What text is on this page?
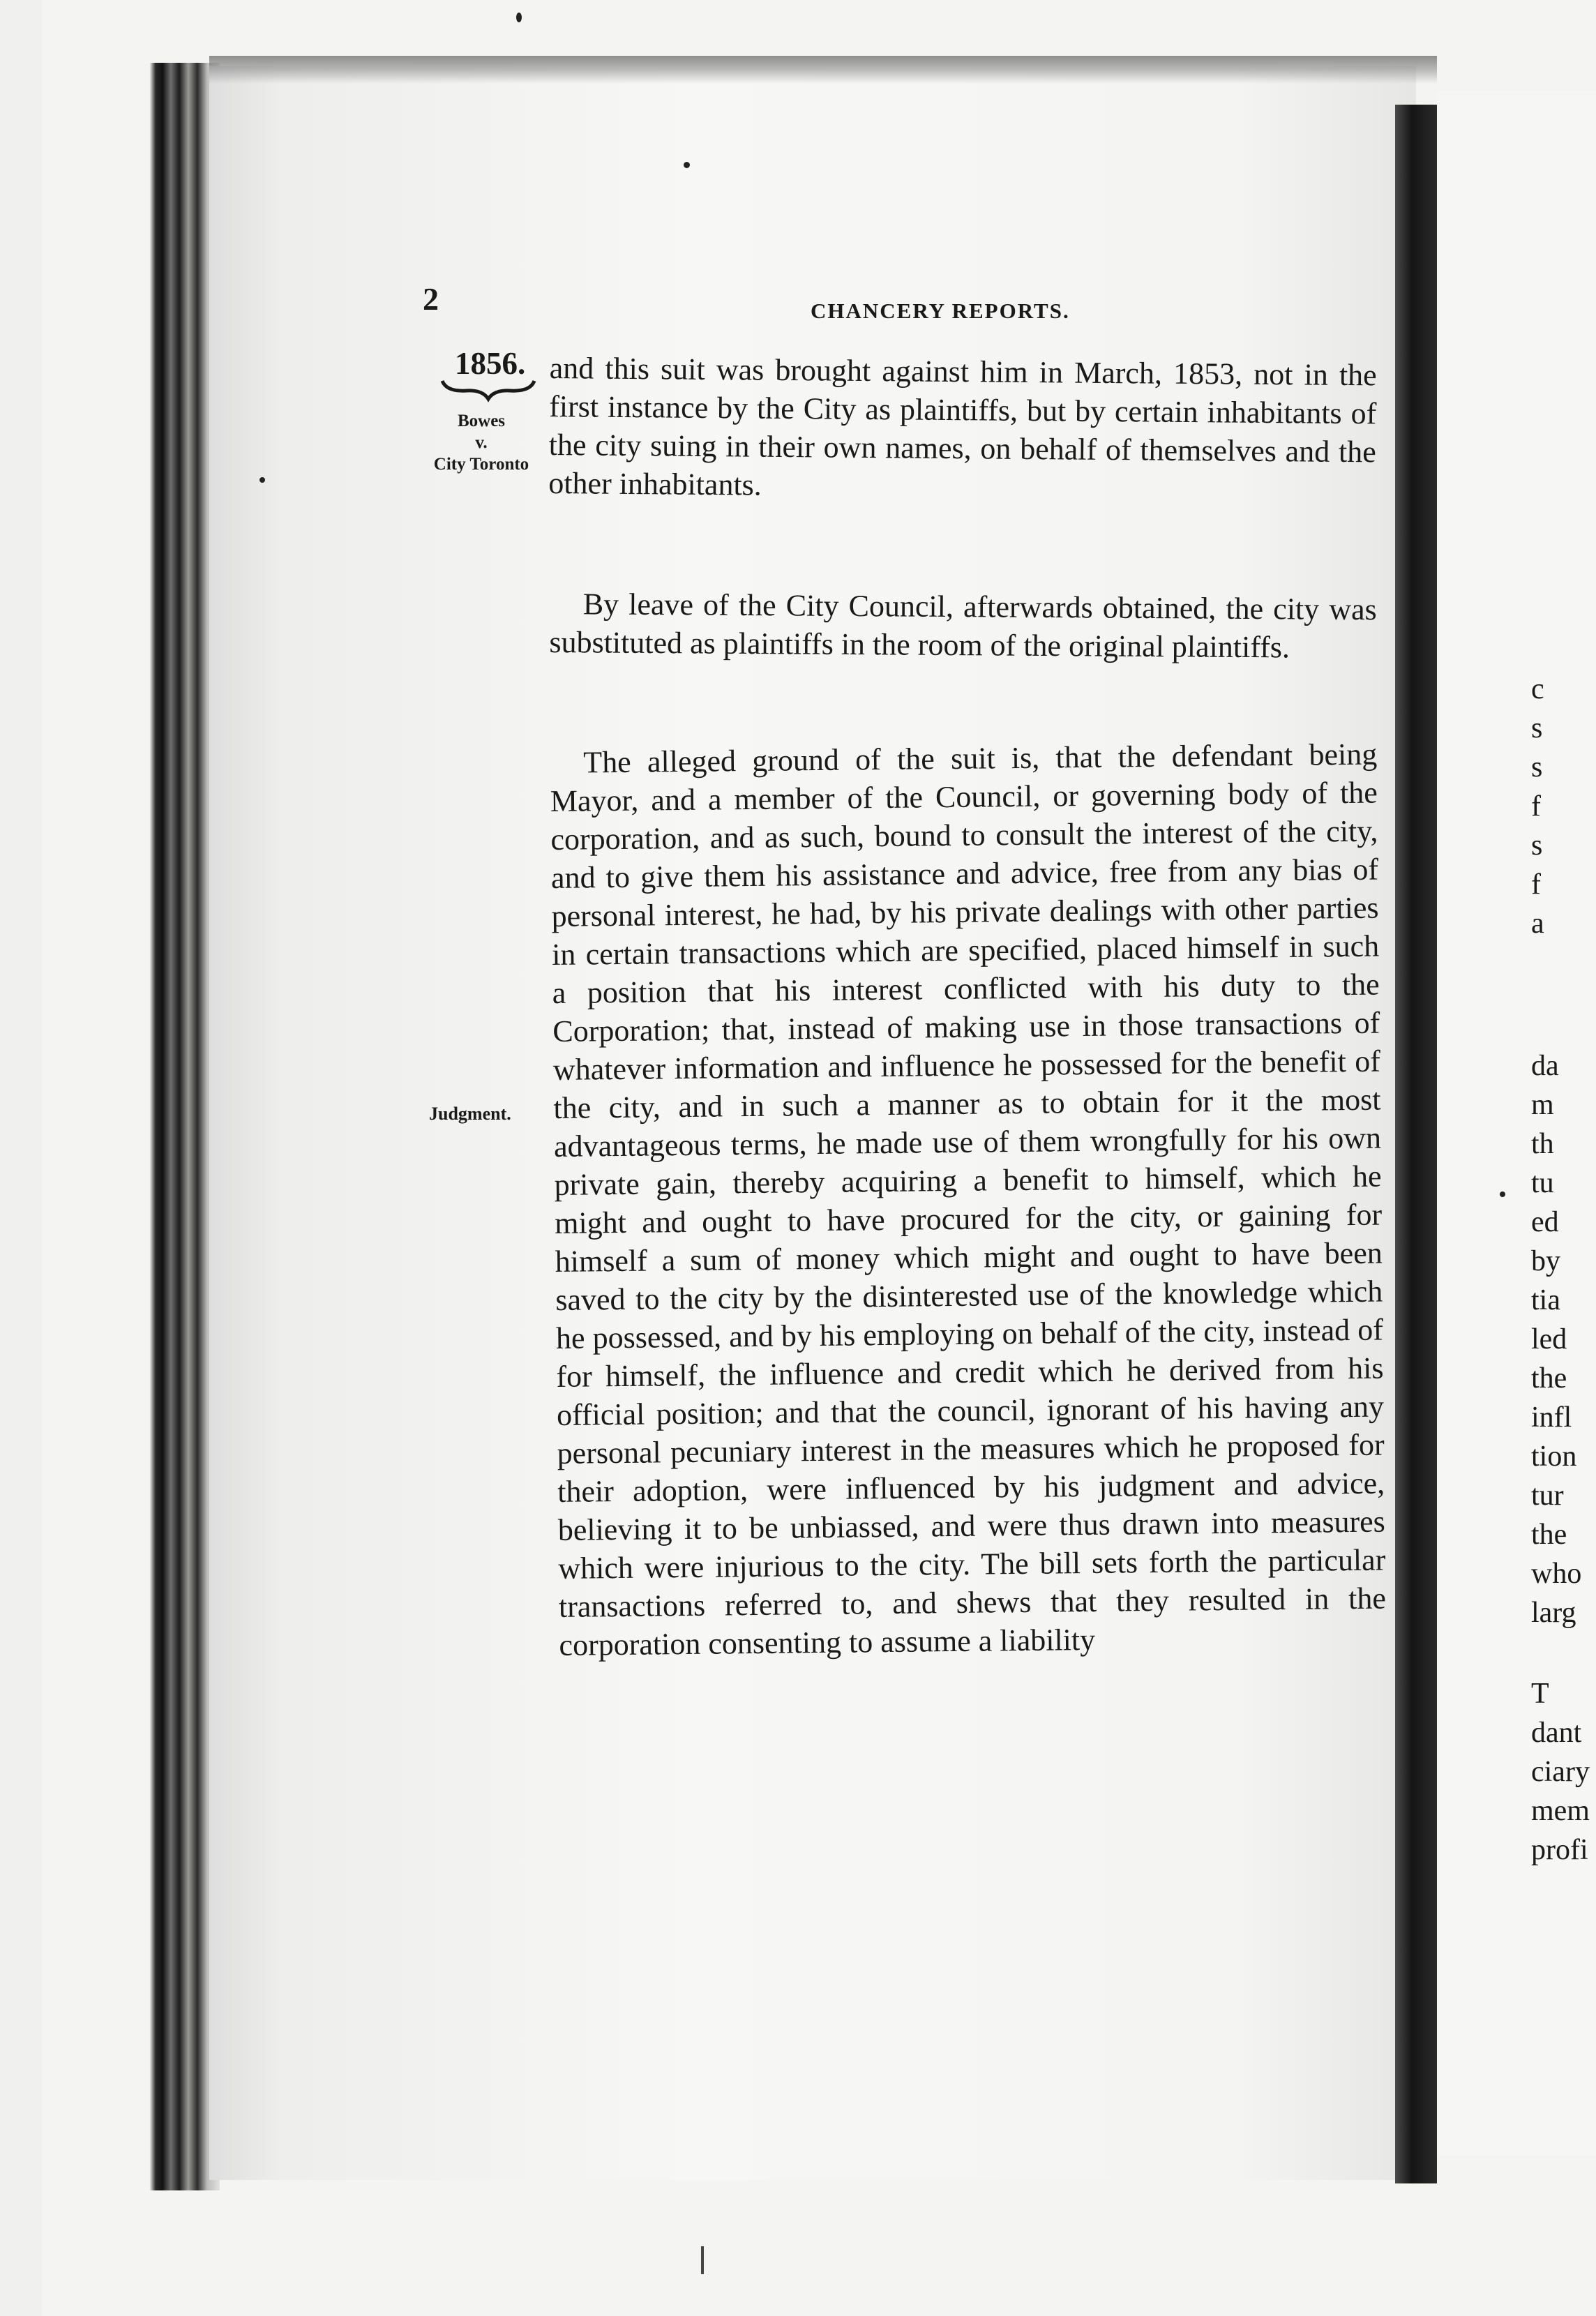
c
s
s
f
s
f
a
da
m
th
tu
ed
by
tia
led
the
infl
tion
tur
the
who
larg
T
dant
ciary
mem
profi
2	CHANCERY REPORTS.
1856.
Bowes
v.
City Toronto
Judgment.
and this suit was brought against him in March, 1853, not in the first instance by the City as plaintiffs, but by certain inhabitants of the city suing in their own names, on behalf of themselves and the other inhabitants.
By leave of the City Council, afterwards obtained, the city was substituted as plaintiffs in the room of the original plaintiffs.
The alleged ground of the suit is, that the defendant being Mayor, and a member of the Council, or governing body of the corporation, and as such, bound to consult the interest of the city, and to give them his assistance and advice, free from any bias of personal interest, he had, by his private dealings with other parties in certain transactions which are specified, placed himself in such a position that his interest conflicted with his duty to the Corporation; that, instead of making use in those transactions of whatever information and influence he possessed for the benefit of the city, and in such a manner as to obtain for it the most advantageous terms, he made use of them wrongfully for his own private gain, thereby acquiring a benefit to himself, which he might and ought to have procured for the city, or gaining for himself a sum of money which might and ought to have been saved to the city by the disinterested use of the knowledge which he possessed, and by his employing on behalf of the city, instead of for himself, the influence and credit which he derived from his official position; and that the council, ignorant of his having any personal pecuniary interest in the measures which he proposed for their adoption, were influenced by his judgment and advice, believing it to be unbiassed, and were thus drawn into measures which were injurious to the city. The bill sets forth the particular transactions referred to, and shews that they resulted in the corporation consenting to assume a liability
